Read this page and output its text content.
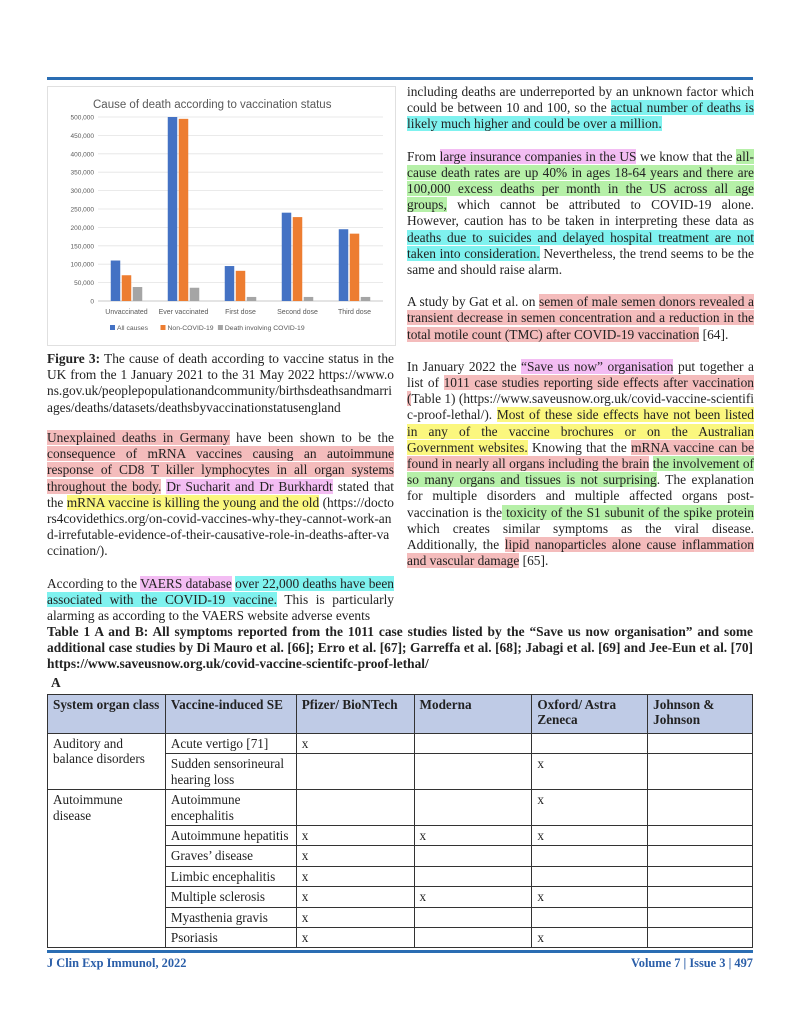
Cause of death according to vaccination status
0
50,000
100,000
150,000
200,000
250,000
300,000
350,000
400,000
450,000
500,000
Unvaccinated Ever vaccinated First dose	Second dose	Third dose
All causes	Non-COVID-19 Death involving COVID-19

Figure 3: The cause of death according to vaccine status in the UK from the 1 January 2021 to the 31 May 2022 https://www.ons.gov.uk/peoplepopulationandcommunity/birthsdeathsandmarriages/deaths/datasets/deathsbyvaccinationstatusengland

Unexplained deaths in Germany have been shown to be the consequence of mRNA vaccines causing an autoimmune response of CD8 T killer lymphocytes in all organ systems throughout the body. Dr Sucharit and Dr Burkhardt stated that the mRNA vaccine is killing the young and the old (https://doctors4covidethics.org/on-covid-vaccines-why-they-cannot-work-and-irrefutable-evidence-of-their-causative-role-in-deaths-after-vaccination/).

According to the VAERS database over 22,000 deaths have been associated with the COVID-19 vaccine. This is particularly alarming as according to the VAERS website adverse events

including deaths are underreported by an unknown factor which could be between 10 and 100, so the actual number of deaths is likely much higher and could be over a million.

From large insurance companies in the US we know that the all-cause death rates are up 40% in ages 18-64 years and there are 100,000 excess deaths per month in the US across all age groups, which cannot be attributed to COVID-19 alone. However, caution has to be taken in interpreting these data as deaths due to suicides and delayed hospital treatment are not taken into consideration. Nevertheless, the trend seems to be the same and should raise alarm.

A study by Gat et al. on semen of male semen donors revealed a transient decrease in semen concentration and a reduction in the total motile count (TMC) after COVID-19 vaccination [64].

In January 2022 the “Save us now” organisation put together a list of 1011 case studies reporting side effects after vaccination (Table 1) (https://www.saveusnow.org.uk/covid-vaccine-scientific-proof-lethal/). Most of these side effects have not been listed in any of the vaccine brochures or on the Australian Government websites. Knowing that the mRNA vaccine can be found in nearly all organs including the brain the involvement of so many organs and tissues is not surprising. The explanation for multiple disorders and multiple affected organs post-vaccination is the toxicity of the S1 subunit of the spike protein which creates similar symptoms as the viral disease. Additionally, the lipid nanoparticles alone cause inflammation and vascular damage [65].

Table 1 A and B: All symptoms reported from the 1011 case studies listed by the “Save us now organisation” and some additional case studies by Di Mauro et al. [66]; Erro et al. [67]; Garreffa et al. [68]; Jabagi et al. [69] and Jee-Eun et al. [70] https://www.saveusnow.org.uk/covid-vaccine-scientifc-proof-lethal/
A
System organ class	Vaccine-induced SE	Pfizer/ BioNTech	Moderna	Oxford/ Astra Zeneca	Johnson & Johnson
Auditory and balance disorders	Acute vertigo [71]	x			
	Sudden sensorineural hearing loss			x	
Autoimmune disease	Autoimmune encephalitis			x	
	Autoimmune hepatitis	x	x	x	
	Graves’ disease	x			
	Limbic encephalitis	x			
	Multiple sclerosis	x	x	x	
	Myasthenia gravis	x			
	Psoriasis	x		x	
J Clin Exp Immunol, 2022	Volume 7 | Issue 3 | 497
